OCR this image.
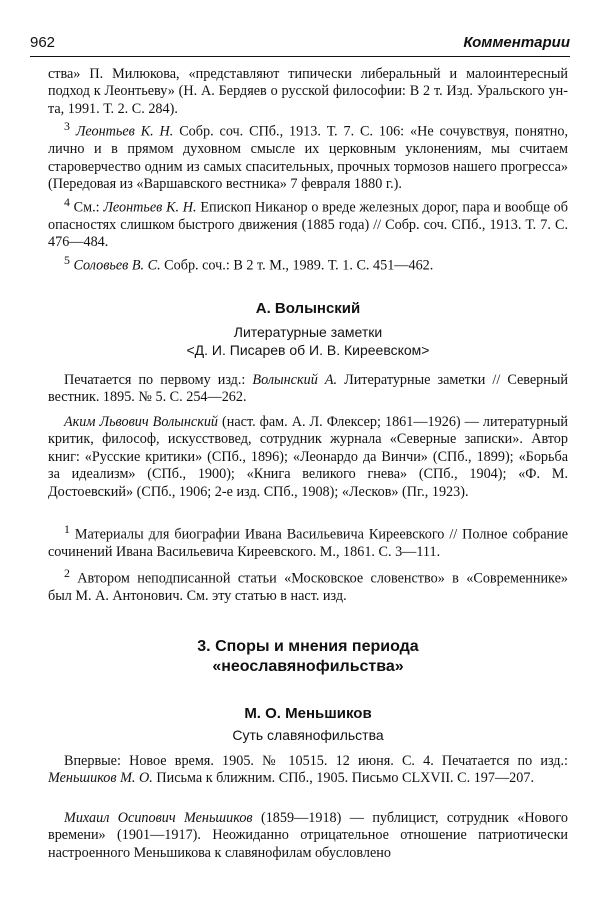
962	Комментарии

ства» П. Милюкова, «представляют типически либеральный и малоинтересный подход к Леонтьеву» (Н. А. Бердяев о русской философии: В 2 т. Изд. Уральского ун-та, 1991. Т. 2. С. 284).

$^3$ Леонтьев К. Н. Собр. соч. СПб., 1913. Т. 7. С. 106: «Не сочувствуя, понятно, лично и в прямом духовном смысле их церковным уклонениям, мы считаем староверчество одним из самых спасительных, прочных тормозов нашего прогресса» (Передовая из «Варшавского вестника» 7 февраля 1880 г.).

$^4$ См.: Леонтьев К. Н. Епископ Никанор о вреде железных дорог, пара и вообще об опасностях слишком быстрого движения (1885 года) // Собр. соч. СПб., 1913. Т. 7. С. 476—484.

$^5$ Соловьев В. С. Собр. соч.: В 2 т. М., 1989. Т. 1. С. 451—462.

А. Волынский
Литературные заметки
<Д. И. Писарев об И. В. Киреевском>

Печатается по первому изд.: Волынский А. Литературные заметки // Северный вестник. 1895. № 5. С. 254—262.

Аким Львович Волынский (наст. фам. А. Л. Флексер; 1861—1926) — литературный критик, философ, искусствовед, сотрудник журнала «Северные записки». Автор книг: «Русские критики» (СПб., 1896); «Леонардо да Винчи» (СПб., 1899); «Борьба за идеализм» (СПб., 1900); «Книга великого гнева» (СПб., 1904); «Ф. М. Достоевский» (СПб., 1906; 2-е изд. СПб., 1908); «Лесков» (Пг., 1923).

$^1$ Материалы для биографии Ивана Васильевича Киреевского // Полное собрание сочинений Ивана Васильевича Киреевского. М., 1861. С. 3—111.

$^2$ Автором неподписанной статьи «Московское словенство» в «Современнике» был М. А. Антонович. См. эту статью в наст. изд.

3. Споры и мнения периода
«неославянофильства»
М. О. Меньшиков
Суть славянофильства

Впервые: Новое время. 1905. № 10515. 12 июня. С. 4. Печатается по изд.: Меньшиков М. О. Письма к ближним. СПб., 1905. Письмо CLXVII. С. 197—207.

Михаил Осипович Меньшиков (1859—1918) — публицист, сотрудник «Нового времени» (1901—1917). Неожиданно отрицательное отношение патриотически настроенного Меньшикова к славянофилам обусловлено
